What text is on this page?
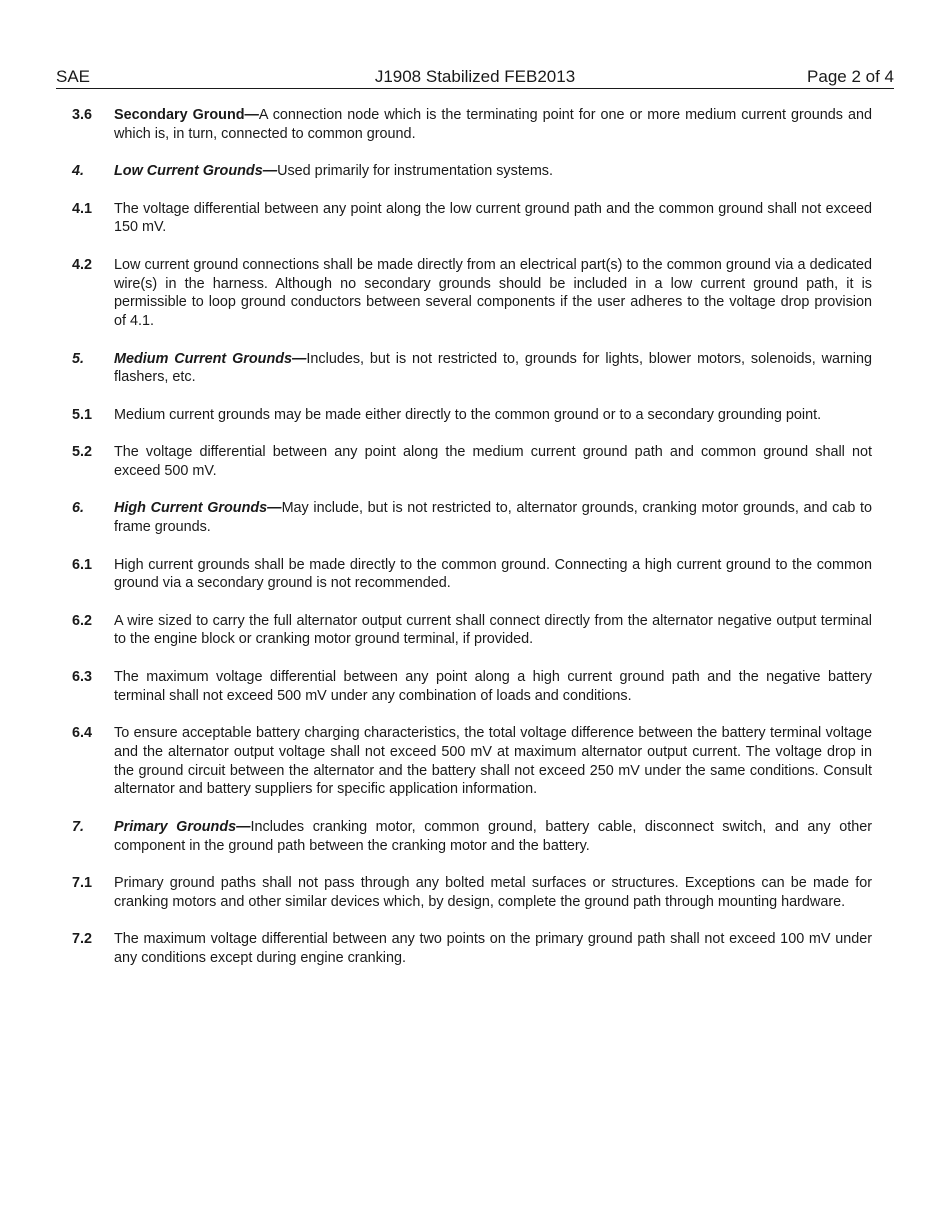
SAE	J1908 Stabilized FEB2013	Page 2 of 4
3.6	Secondary Ground—A connection node which is the terminating point for one or more medium current grounds and which is, in turn, connected to common ground.
4.	Low Current Grounds—Used primarily for instrumentation systems.
4.1	The voltage differential between any point along the low current ground path and the common ground shall not exceed 150 mV.
4.2	Low current ground connections shall be made directly from an electrical part(s) to the common ground via a dedicated wire(s) in the harness. Although no secondary grounds should be included in a low current ground path, it is permissible to loop ground conductors between several components if the user adheres to the voltage drop provision of 4.1.
5.	Medium Current Grounds—Includes, but is not restricted to, grounds for lights, blower motors, solenoids, warning flashers, etc.
5.1	Medium current grounds may be made either directly to the common ground or to a secondary grounding point.
5.2	The voltage differential between any point along the medium current ground path and common ground shall not exceed 500 mV.
6.	High Current Grounds—May include, but is not restricted to, alternator grounds, cranking motor grounds, and cab to frame grounds.
6.1	High current grounds shall be made directly to the common ground. Connecting a high current ground to the common ground via a secondary ground is not recommended.
6.2	A wire sized to carry the full alternator output current shall connect directly from the alternator negative output terminal to the engine block or cranking motor ground terminal, if provided.
6.3	The maximum voltage differential between any point along a high current ground path and the negative battery terminal shall not exceed 500 mV under any combination of loads and conditions.
6.4	To ensure acceptable battery charging characteristics, the total voltage difference between the battery terminal voltage and the alternator output voltage shall not exceed 500 mV at maximum alternator output current. The voltage drop in the ground circuit between the alternator and the battery shall not exceed 250 mV under the same conditions. Consult alternator and battery suppliers for specific application information.
7.	Primary Grounds—Includes cranking motor, common ground, battery cable, disconnect switch, and any other component in the ground path between the cranking motor and the battery.
7.1	Primary ground paths shall not pass through any bolted metal surfaces or structures. Exceptions can be made for cranking motors and other similar devices which, by design, complete the ground path through mounting hardware.
7.2	The maximum voltage differential between any two points on the primary ground path shall not exceed 100 mV under any conditions except during engine cranking.
